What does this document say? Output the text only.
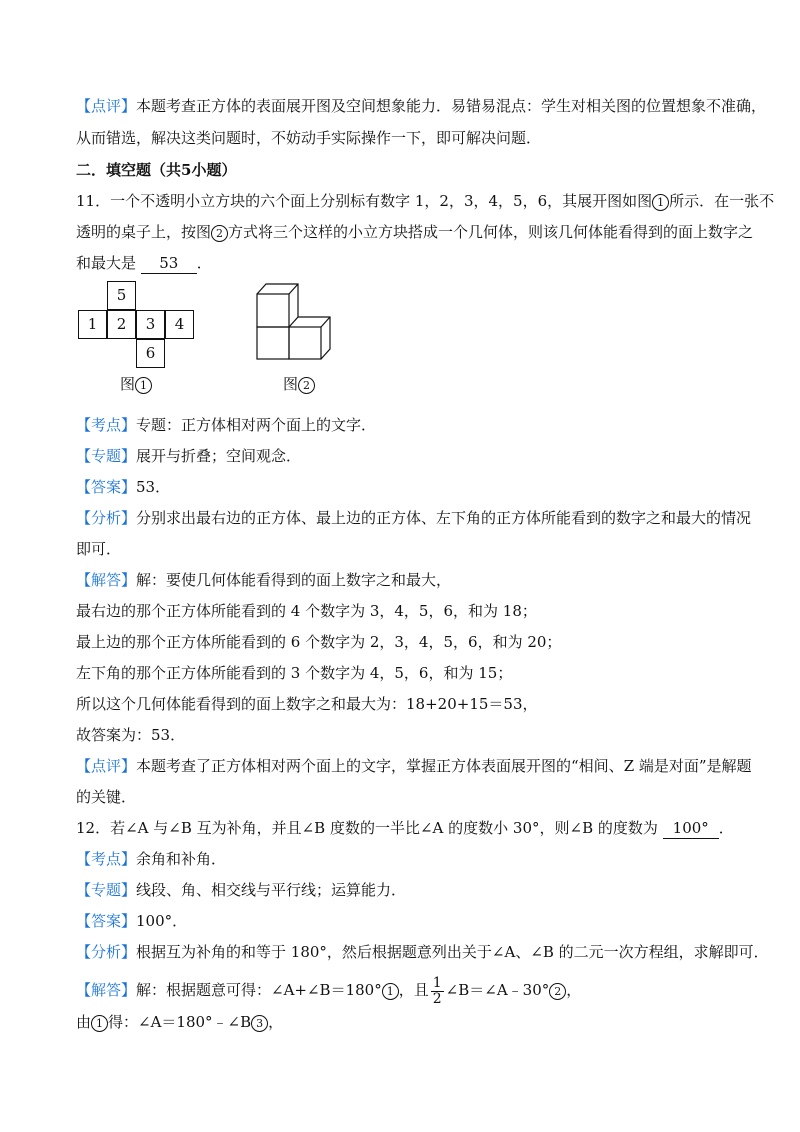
【点评】本题考查正方体的表面展开图及空间想象能力．易错易混点：学生对相关图的位置想象不准确，
从而错选，解决这类问题时，不妨动手实际操作一下，即可解决问题．
二．填空题（共5小题）
11．一个不透明小立方块的六个面上分别标有数字 1，2，3，4，5，6，其展开图如图 1 所示．在一张不
透明的桌子上，按图 2 方式将三个这样的小立方块搭成一个几何体，则该几何体能看得到的面上数字之
和最大是 53 ．
5
1	2	3	4
6
图 1	图 2
【考点】专题：正方体相对两个面上的文字．
【专题】展开与折叠；空间观念．
【答案】53．
【分析】分别求出最右边的正方体、最上边的正方体、左下角的正方体所能看到的数字之和最大的情况
即可．
【解答】解：要使几何体能看得到的面上数字之和最大，
最右边的那个正方体所能看到的 4 个数字为 3，4，5，6，和为 18；
最上边的那个正方体所能看到的 6 个数字为 2，3，4，5，6，和为 20；
左下角的那个正方体所能看到的 3 个数字为 4，5，6，和为 15；
所以这个几何体能看得到的面上数字之和最大为：18+20+15＝53，
故答案为：53．
【点评】本题考查了正方体相对两个面上的文字，掌握正方体表面展开图的“相间、Z 端是对面”是解题
的关键．
12．若∠A 与∠B 互为补角，并且∠B 度数的一半比∠A 的度数小 30°，则∠B 的度数为 100° ．
【考点】余角和补角．
【专题】线段、角、相交线与平行线；运算能力．
【答案】100°．
【分析】根据互为补角的和等于 180°，然后根据题意列出关于∠A、∠B 的二元一次方程组，求解即可．
【解答】解：根据题意可得：∠A+∠B＝180° 1 ，且 $\frac{1}{2}$ ∠B＝∠A﹣30° 2 ，
由 1 得：∠A＝180°﹣∠B 3 ，
